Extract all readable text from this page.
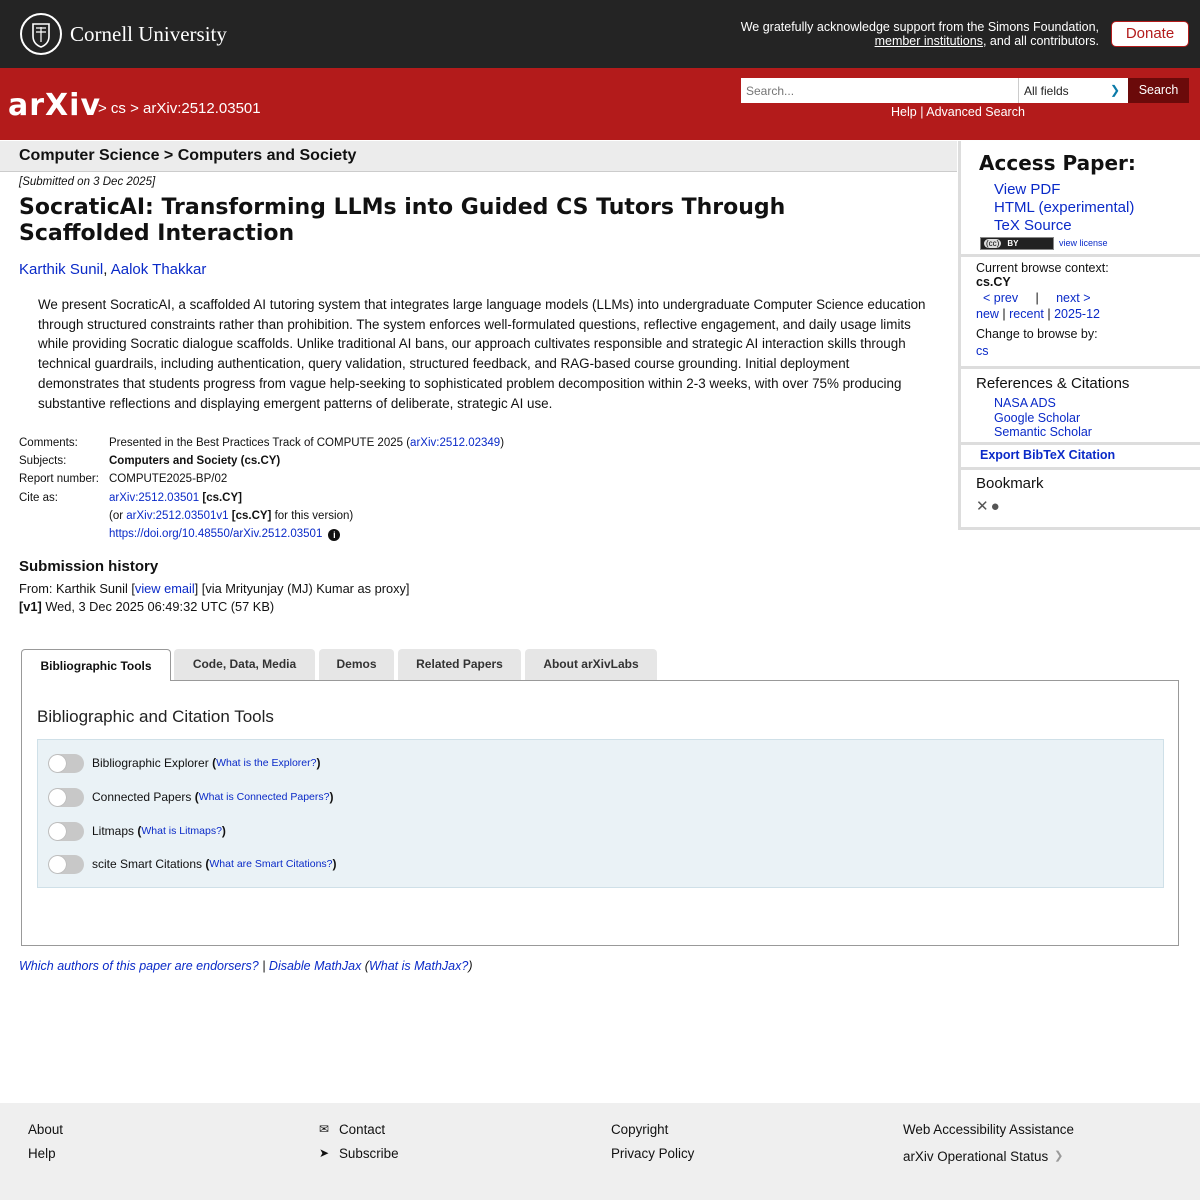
Cornell University	We gratefully acknowledge support from the Simons Foundation,
member institutions, and all contributors.	Donate
arXiv
> cs > arXiv:2512.03501
Search...
All fields	❯	Search
Help | Advanced Search
Computer Science > Computers and Society
[Submitted on 3 Dec 2025]
SocraticAI: Transforming LLMs into Guided CS Tutors Through Scaffolded Interaction
Karthik Sunil, Aalok Thakkar
We present SocraticAI, a scaffolded AI tutoring system that integrates large language models (LLMs) into undergraduate Computer Science education through structured constraints rather than prohibition. The system enforces well-formulated questions, reflective engagement, and daily usage limits while providing Socratic dialogue scaffolds. Unlike traditional AI bans, our approach cultivates responsible and strategic AI interaction skills through technical guardrails, including authentication, query validation, structured feedback, and RAG-based course grounding. Initial deployment demonstrates that students progress from vague help-seeking to sophisticated problem decomposition within 2-3 weeks, with over 75% producing substantive reflections and displaying emergent patterns of deliberate, strategic AI use.
Comments:	Presented in the Best Practices Track of COMPUTE 2025 (arXiv:2512.02349)
Subjects:	Computers and Society (cs.CY)
Report number: COMPUTE2025-BP/02
Cite as:	arXiv:2512.03501 [cs.CY]
(or arXiv:2512.03501v1 [cs.CY] for this version)
https://doi.org/10.48550/arXiv.2512.03501 i
Submission history
From: Karthik Sunil [view email] [via Mrityunjay (MJ) Kumar as proxy]
[v1] Wed, 3 Dec 2025 06:49:32 UTC (57 KB)
Bibliographic Tools	Code, Data, Media	Demos	Related Papers	About arXivLabs
Bibliographic and Citation Tools
Bibliographic Explorer
( What is the Explorer? )
Connected Papers
( What is Connected Papers? )
Litmaps
( What is Litmaps? )
scite Smart Citations
( What are Smart Citations? )
Which authors of this paper are endorsers? | Disable MathJax (What is MathJax?)
Access Paper:
View PDF
HTML (experimental)
TeX Source
(cc) BY	view license
Current browse context:
cs.CY
< prev | next >
new | recent | 2025-12
Change to browse by:
cs
References & Citations
NASA ADS
Google Scholar
Semantic Scholar
Export BibTeX Citation
Bookmark
✕●
About
Help
✉ Contact
➤ Subscribe
Copyright
Privacy Policy
Web Accessibility Assistance
arXiv Operational Status ❯
